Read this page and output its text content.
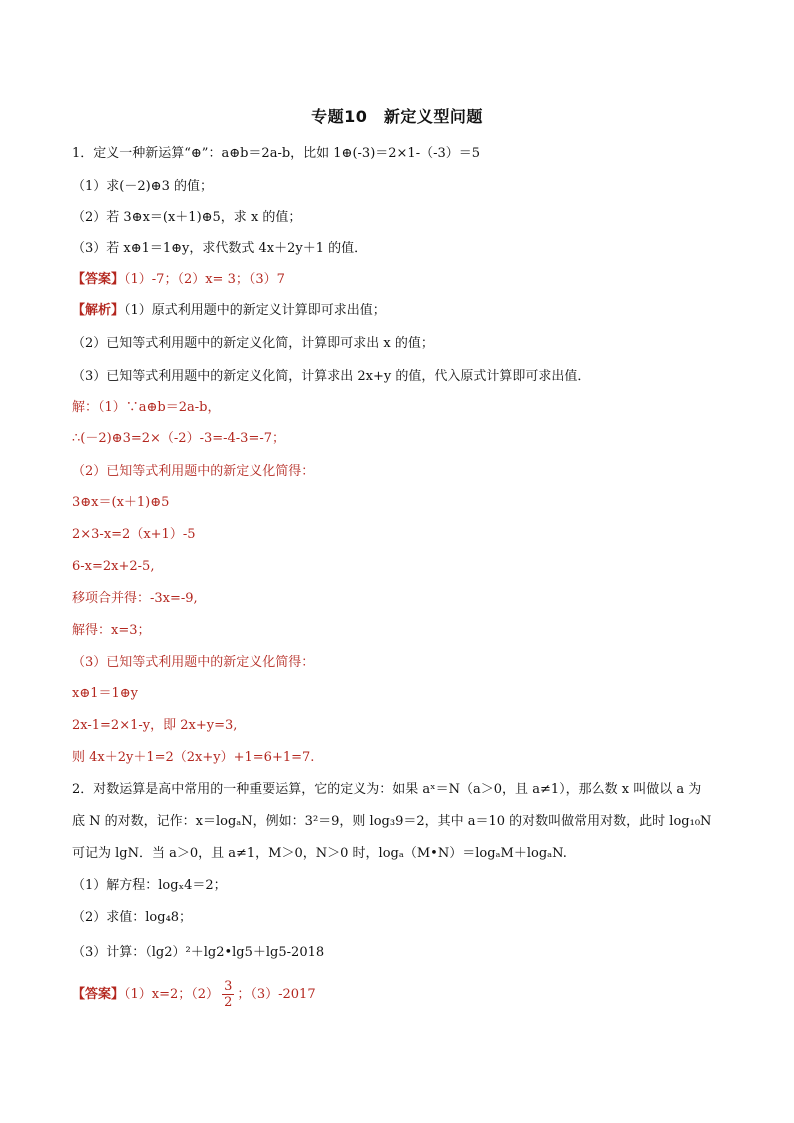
专题10　新定义型问题
1．定义一种新运算“⊕”：a⊕b＝2a-b，比如 1⊕(-3)＝2×1-（-3）＝5
（1）求(－2)⊕3 的值；
（2）若 3⊕x＝(x＋1)⊕5，求 x 的值；
（3）若 x⊕1＝1⊕y，求代数式 4x＋2y＋1 的值．
【答案】（1）-7；（2）x= 3；（3）7
【解析】（1）原式利用题中的新定义计算即可求出值；
（2）已知等式利用题中的新定义化简，计算即可求出 x 的值；
（3）已知等式利用题中的新定义化简，计算求出 2x+y 的值，代入原式计算即可求出值．
解：（1）∵a⊕b＝2a-b，
∴(－2)⊕3=2×（-2）-3=-4-3=-7；
（2）已知等式利用题中的新定义化简得：
3⊕x＝(x＋1)⊕5
2×3-x=2（x+1）-5
6-x=2x+2-5,
移项合并得：-3x=-9,
解得：x=3；
（3）已知等式利用题中的新定义化简得：
x⊕1＝1⊕y
2x-1=2×1-y，即 2x+y=3,
则 4x＋2y＋1=2（2x+y）+1=6+1=7.
2．对数运算是高中常用的一种重要运算，它的定义为：如果 aˣ＝N（a＞0，且 a≠1），那么数 x 叫做以 a 为
底 N 的对数，记作：x＝logₐN，例如：3²＝9，则 log₃9＝2，其中 a＝10 的对数叫做常用对数，此时 log₁₀N
可记为 lgN．当 a＞0，且 a≠1，M＞0，N＞0 时，logₐ（M•N）＝logₐM＋logₐN.
（1）解方程：logₓ4＝2；
（2）求值：log₄8；
（3）计算：（lg2）²＋lg2•lg5＋lg5-2018
【答案】（1）x=2；$(2) \frac{3}{2}$ ；（3）-2017
